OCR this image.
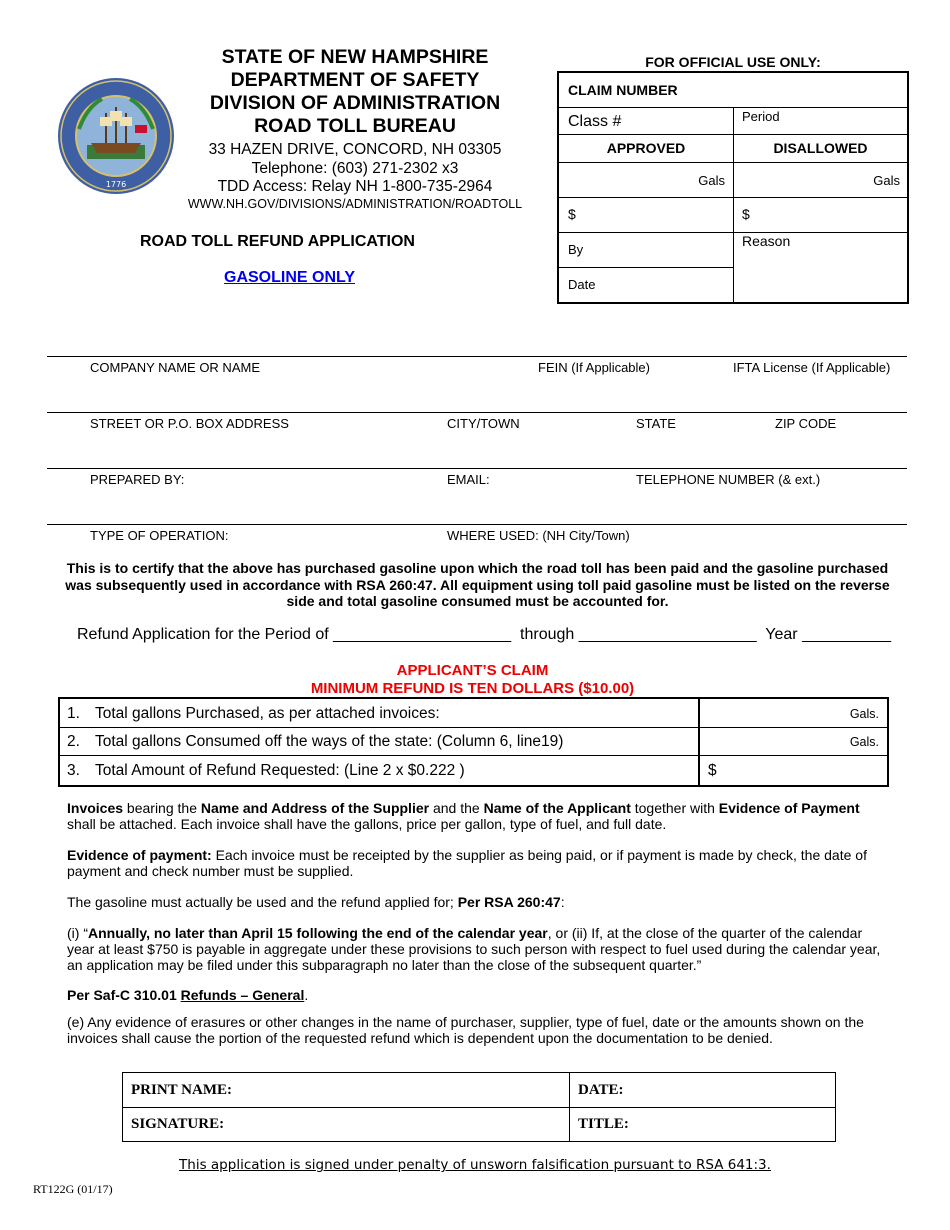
1776
STATE OF NEW HAMPSHIRE
DEPARTMENT OF SAFETY
DIVISION OF ADMINISTRATION
ROAD TOLL BUREAU
33 HAZEN DRIVE, CONCORD, NH 03305
Telephone: (603) 271-2302 x3
TDD Access: Relay NH 1-800-735-2964
WWW.NH.GOV/DIVISIONS/ADMINISTRATION/ROADTOLL
ROAD TOLL REFUND APPLICATION
GASOLINE ONLY
FOR OFFICIAL USE ONLY:
CLAIM NUMBER
Class #	Period
APPROVED	DISALLOWED
Gals	Gals
$	$
By
Reason
Date
COMPANY NAME OR NAME	FEIN (If Applicable)	IFTA License (If Applicable)
STREET OR P.O. BOX ADDRESS	CITY/TOWN	STATE	ZIP CODE
PREPARED BY:	EMAIL:	TELEPHONE NUMBER (& ext.)
TYPE OF OPERATION:	WHERE USED: (NH City/Town)
This is to certify that the above has purchased gasoline upon which the road toll has been paid and the gasoline purchased was subsequently used in accordance with RSA 260:47. All equipment using toll paid gasoline must be listed on the reverse side and total gasoline consumed must be accounted for.
Refund Application for the Period of ____________________  through ____________________  Year __________
APPLICANT’S CLAIM
MINIMUM REFUND IS TEN DOLLARS ($10.00)
1. Total gallons Purchased, as per attached invoices:	Gals.
2. Total gallons Consumed off the ways of the state: (Column 6, line19)	Gals.
3. Total Amount of Refund Requested: (Line 2 x $0.222 )	$
Invoices bearing the Name and Address of the Supplier and the Name of the Applicant together with Evidence of Payment shall be attached. Each invoice shall have the gallons, price per gallon, type of fuel, and full date.
Evidence of payment: Each invoice must be receipted by the supplier as being paid, or if payment is made by check, the date of payment and check number must be supplied.
The gasoline must actually be used and the refund applied for; Per RSA 260:47:
(i) “Annually, no later than April 15 following the end of the calendar year, or (ii) If, at the close of the quarter of the calendar year at least $750 is payable in aggregate under these provisions to such person with respect to fuel used during the calendar year, an application may be filed under this subparagraph no later than the close of the subsequent quarter.”
Per Saf-C 310.01 Refunds – General.
(e) Any evidence of erasures or other changes in the name of purchaser, supplier, type of fuel, date or the amounts shown on the invoices shall cause the portion of the requested refund which is dependent upon the documentation to be denied.
PRINT NAME:	DATE:
SIGNATURE:	TITLE:
This application is signed under penalty of unsworn falsification pursuant to RSA 641:3.
RT122G (01/17)
